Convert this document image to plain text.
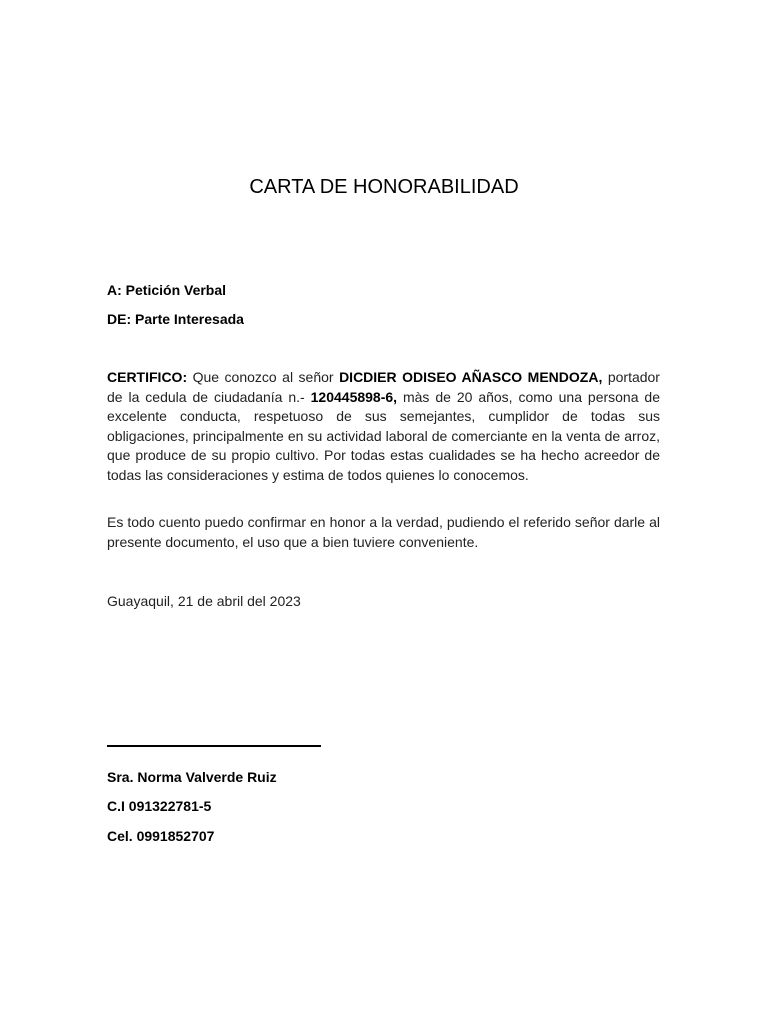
CARTA DE HONORABILIDAD

A: Petición Verbal

DE: Parte Interesada

CERTIFICO: Que conozco al señor DICDIER ODISEO AÑASCO MENDOZA, portador de la cedula de ciudadanía n.- 120445898-6, màs de 20 años, como una persona de excelente conducta, respetuoso de sus semejantes, cumplidor de todas sus obligaciones, principalmente en su actividad laboral de comerciante en la venta de arroz, que produce de su propio cultivo. Por todas estas cualidades se ha hecho acreedor de todas las consideraciones y estima de todos quienes lo conocemos.

Es todo cuento puedo confirmar en honor a la verdad, pudiendo el referido señor darle al presente documento, el uso que a bien tuviere conveniente.

Guayaquil, 21 de abril del 2023

Sra. Norma Valverde Ruiz

C.I 091322781-5

Cel. 0991852707
